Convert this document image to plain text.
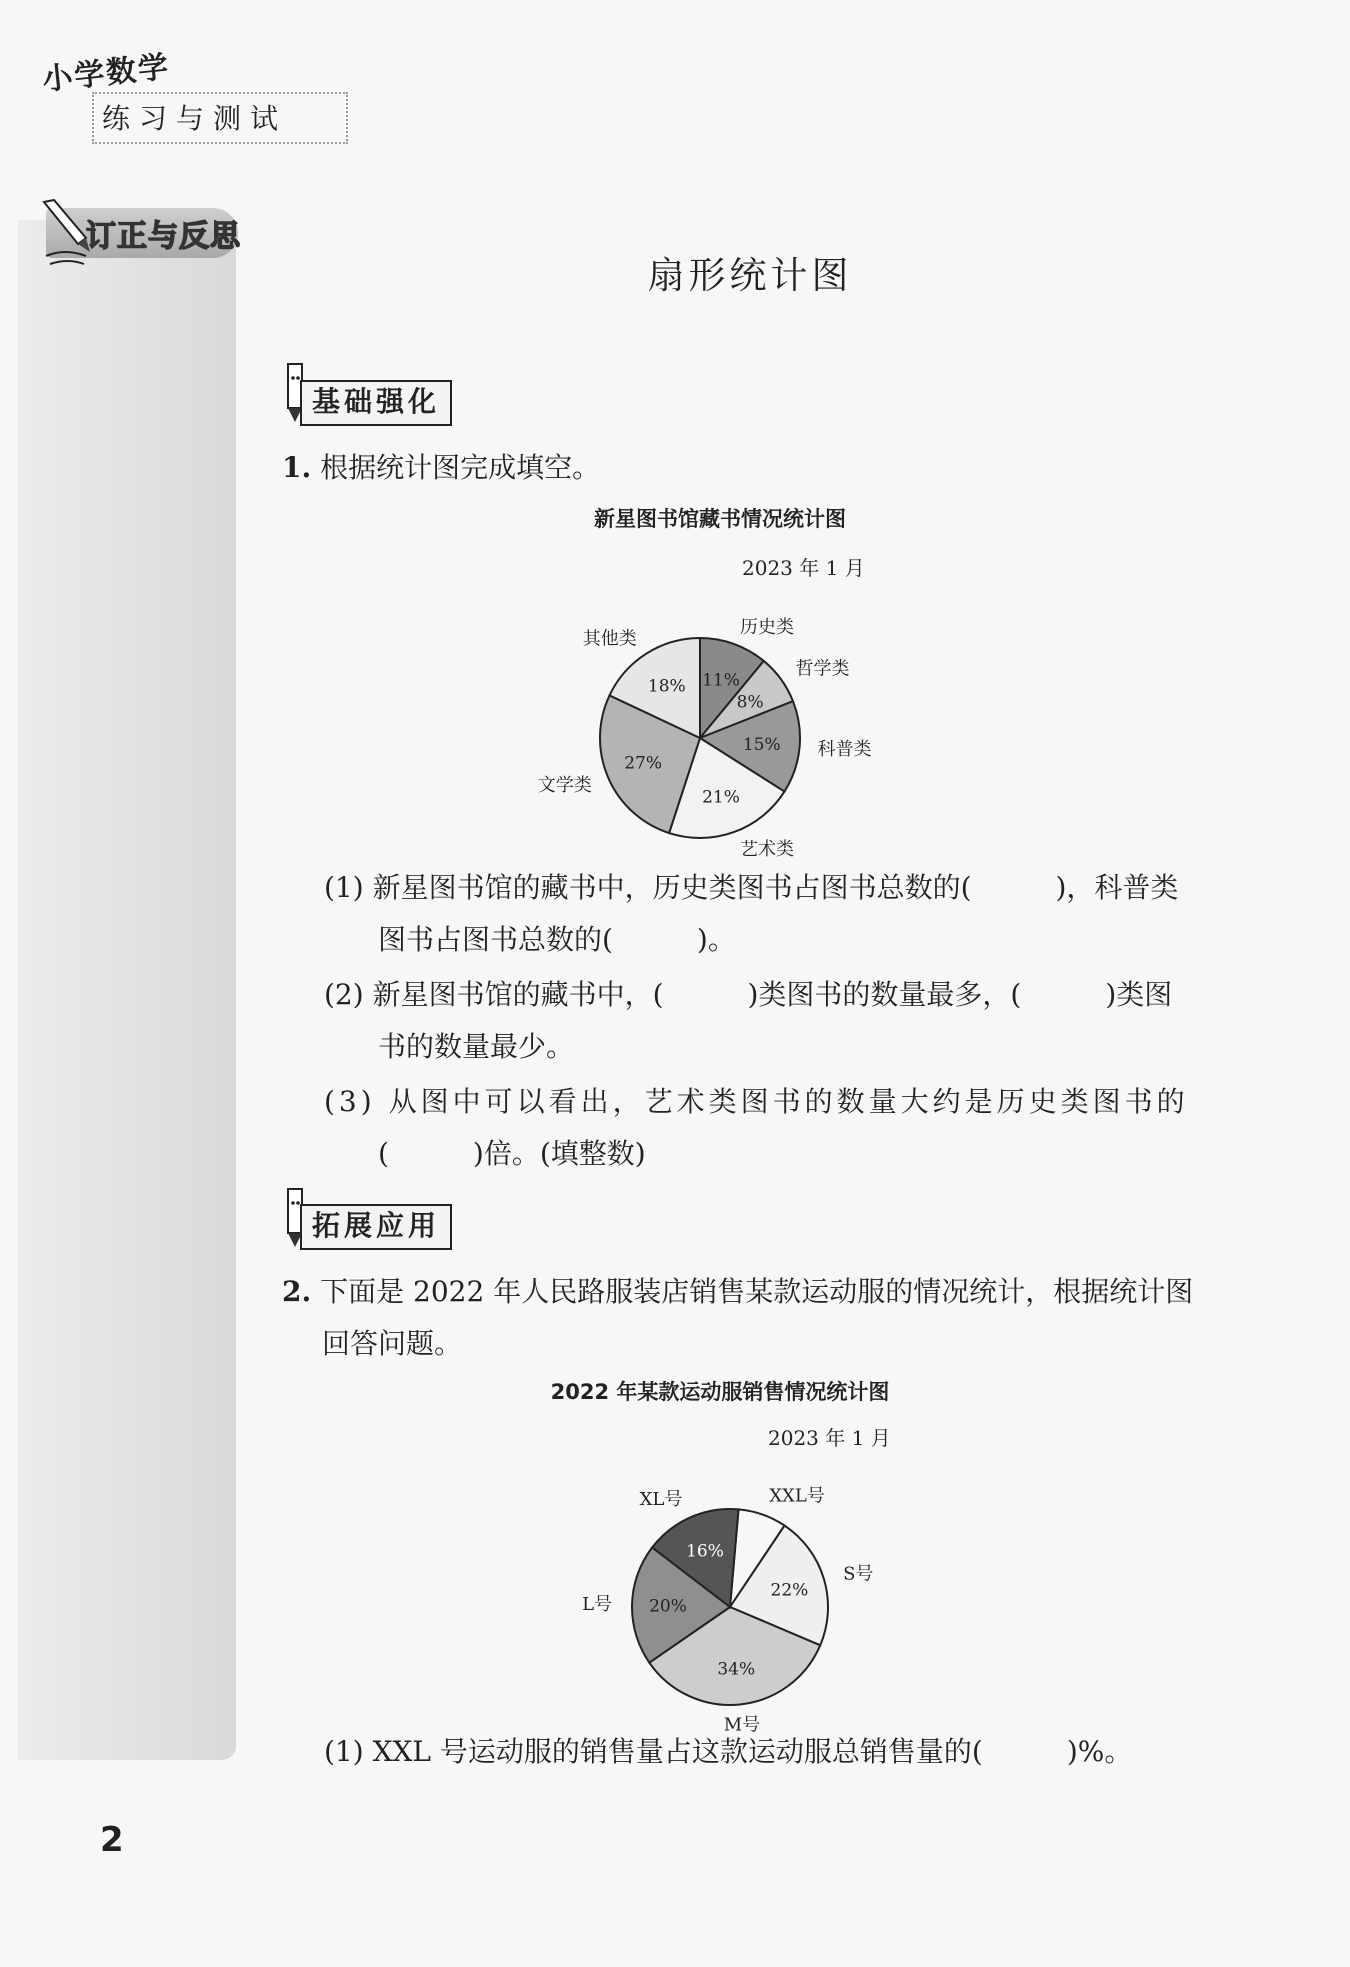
小学数学
练习与测试
订正与反思
扇形统计图
基础强化
1. 根据统计图完成填空。
新星图书馆藏书情况统计图
2023 年 1 月
11%
历史类
8%
哲学类
15% 科普类
21%
艺术类
27%
文学类
18%
其他类
(1) 新星图书馆的藏书中，历史类图书占图书总数的(　　　)，科普类
图书占图书总数的(　　　)。
(2) 新星图书馆的藏书中，(　　　)类图书的数量最多，(　　　)类图
书的数量最少。
(3) 从图中可以看出，艺术类图书的数量大约是历史类图书的
(　　　)倍。(填整数)
拓展应用
2. 下面是 2022 年人民路服装店销售某款运动服的情况统计，根据统计图
回答问题。
2022 年某款运动服销售情况统计图
2023 年 1 月
XXL号
22%
S号
34%
M号
20%
L号
16%
XL号
(1) XXL 号运动服的销售量占这款运动服总销售量的(　　　)%。
2
